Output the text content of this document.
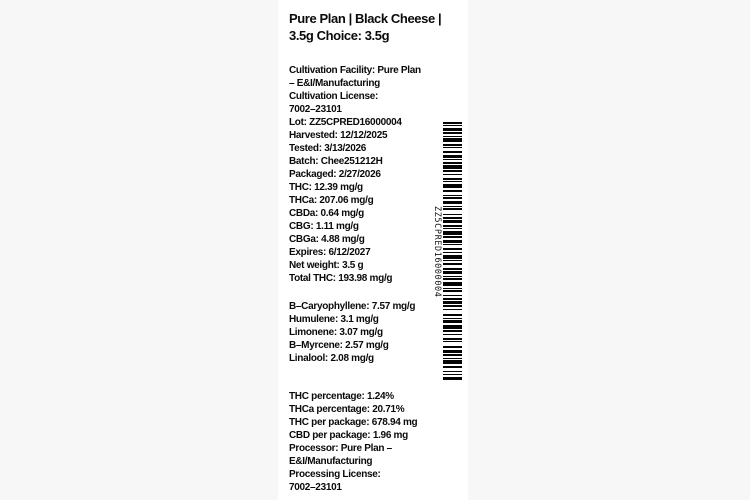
Pure Plan | Black Cheese |
3.5g Choice: 3.5g
Cultivation Facility: Pure Plan
– E&I/Manufacturing
Cultivation License:
7002–23101
Lot: ZZ5CPRED16000004
Harvested: 12/12/2025
Tested: 3/13/2026
Batch: Chee251212H
Packaged: 2/27/2026
THC: 12.39 mg/g
THCa: 207.06 mg/g
CBDa: 0.64 mg/g
CBG: 1.11 mg/g
CBGa: 4.88 mg/g
Expires: 6/12/2027
Net weight: 3.5 g
Total THC: 193.98 mg/g
B–Caryophyllene: 7.57 mg/g
Humulene: 3.1 mg/g
Limonene: 3.07 mg/g
B–Myrcene: 2.57 mg/g
Linalool: 2.08 mg/g
THC percentage: 1.24%
THCa percentage: 20.71%
THC per package: 678.94 mg
CBD per package: 1.96 mg
Processor: Pure Plan –
E&I/Manufacturing
Processing License:
7002–23101
ZZ5CPRED16000004
